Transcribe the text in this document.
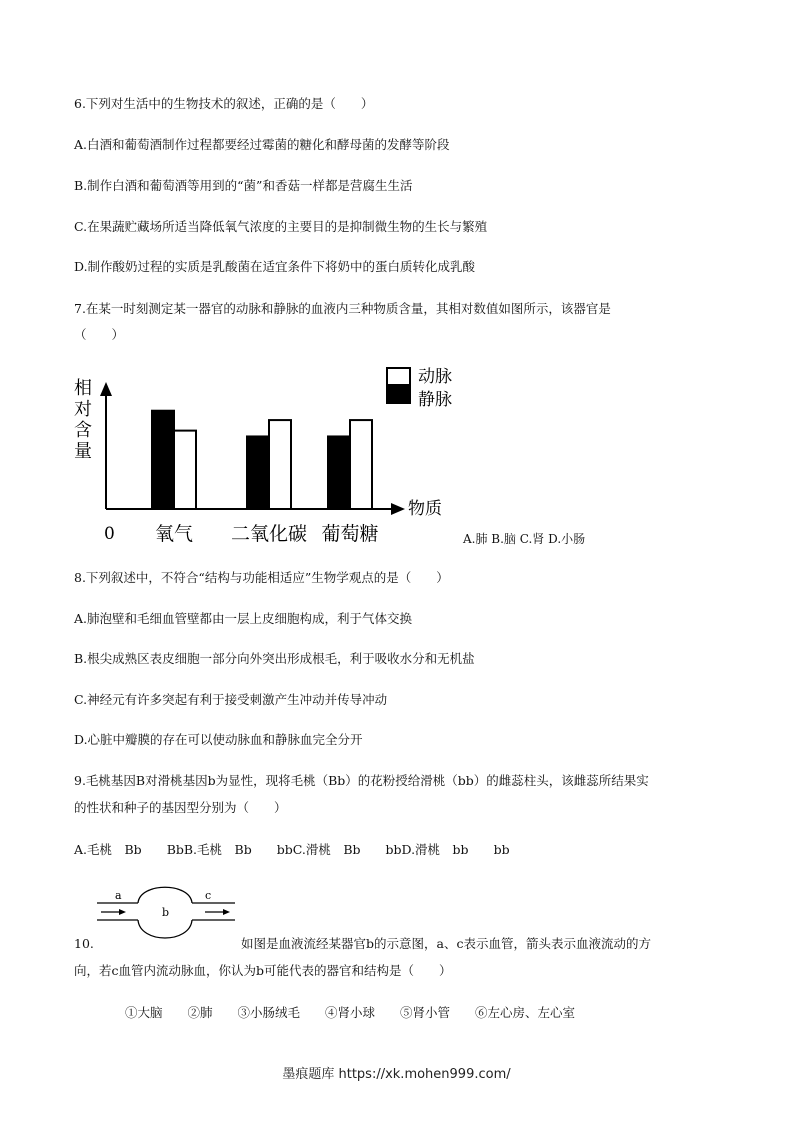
6.下列对生活中的生物技术的叙述，正确的是（　　）
A.白酒和葡萄酒制作过程都要经过霉菌的糖化和酵母菌的发酵等阶段
B.制作白酒和葡萄酒等用到的“菌”和香菇一样都是营腐生生活
C.在果蔬贮藏场所适当降低氧气浓度的主要目的是抑制微生物的生长与繁殖
D.制作酸奶过程的实质是乳酸菌在适宜条件下将奶中的蛋白质转化成乳酸
7.在某一时刻测定某一器官的动脉和静脉的血液内三种物质含量，其相对数值如图所示，该器官是
（　　）
相
对
含
量
物质
0 氧气 二氧化碳 葡萄糖
动脉
静脉
A.肺 B.脑 C.肾 D.小肠
8.下列叙述中，不符合“结构与功能相适应”生物学观点的是（　　）
A.肺泡壁和毛细血管壁都由一层上皮细胞构成，利于气体交换
B.根尖成熟区表皮细胞一部分向外突出形成根毛，利于吸收水分和无机盐
C.神经元有许多突起有利于接受刺激产生冲动并传导冲动
D.心脏中瓣膜的存在可以使动脉血和静脉血完全分开
9.毛桃基因B对滑桃基因b为显性，现将毛桃（Bb）的花粉授给滑桃（bb）的雌蕊柱头，该雌蕊所结果实
的性状和种子的基因型分别为（　　）
A.毛桃　Bb　　BbB.毛桃　Bb　　bbC.滑桃　Bb　　bbD.滑桃　bb　　bb
a
b
c
10.	如图是血液流经某器官b的示意图，a、c表示血管，箭头表示血液流动的方
向，若c血管内流动脉血，你认为b可能代表的器官和结构是（　　）
①大脑　　②肺　　③小肠绒毛　　④肾小球　　⑤肾小管　　⑥左心房、左心室
墨痕题库 https://xk.mohen999.com/
